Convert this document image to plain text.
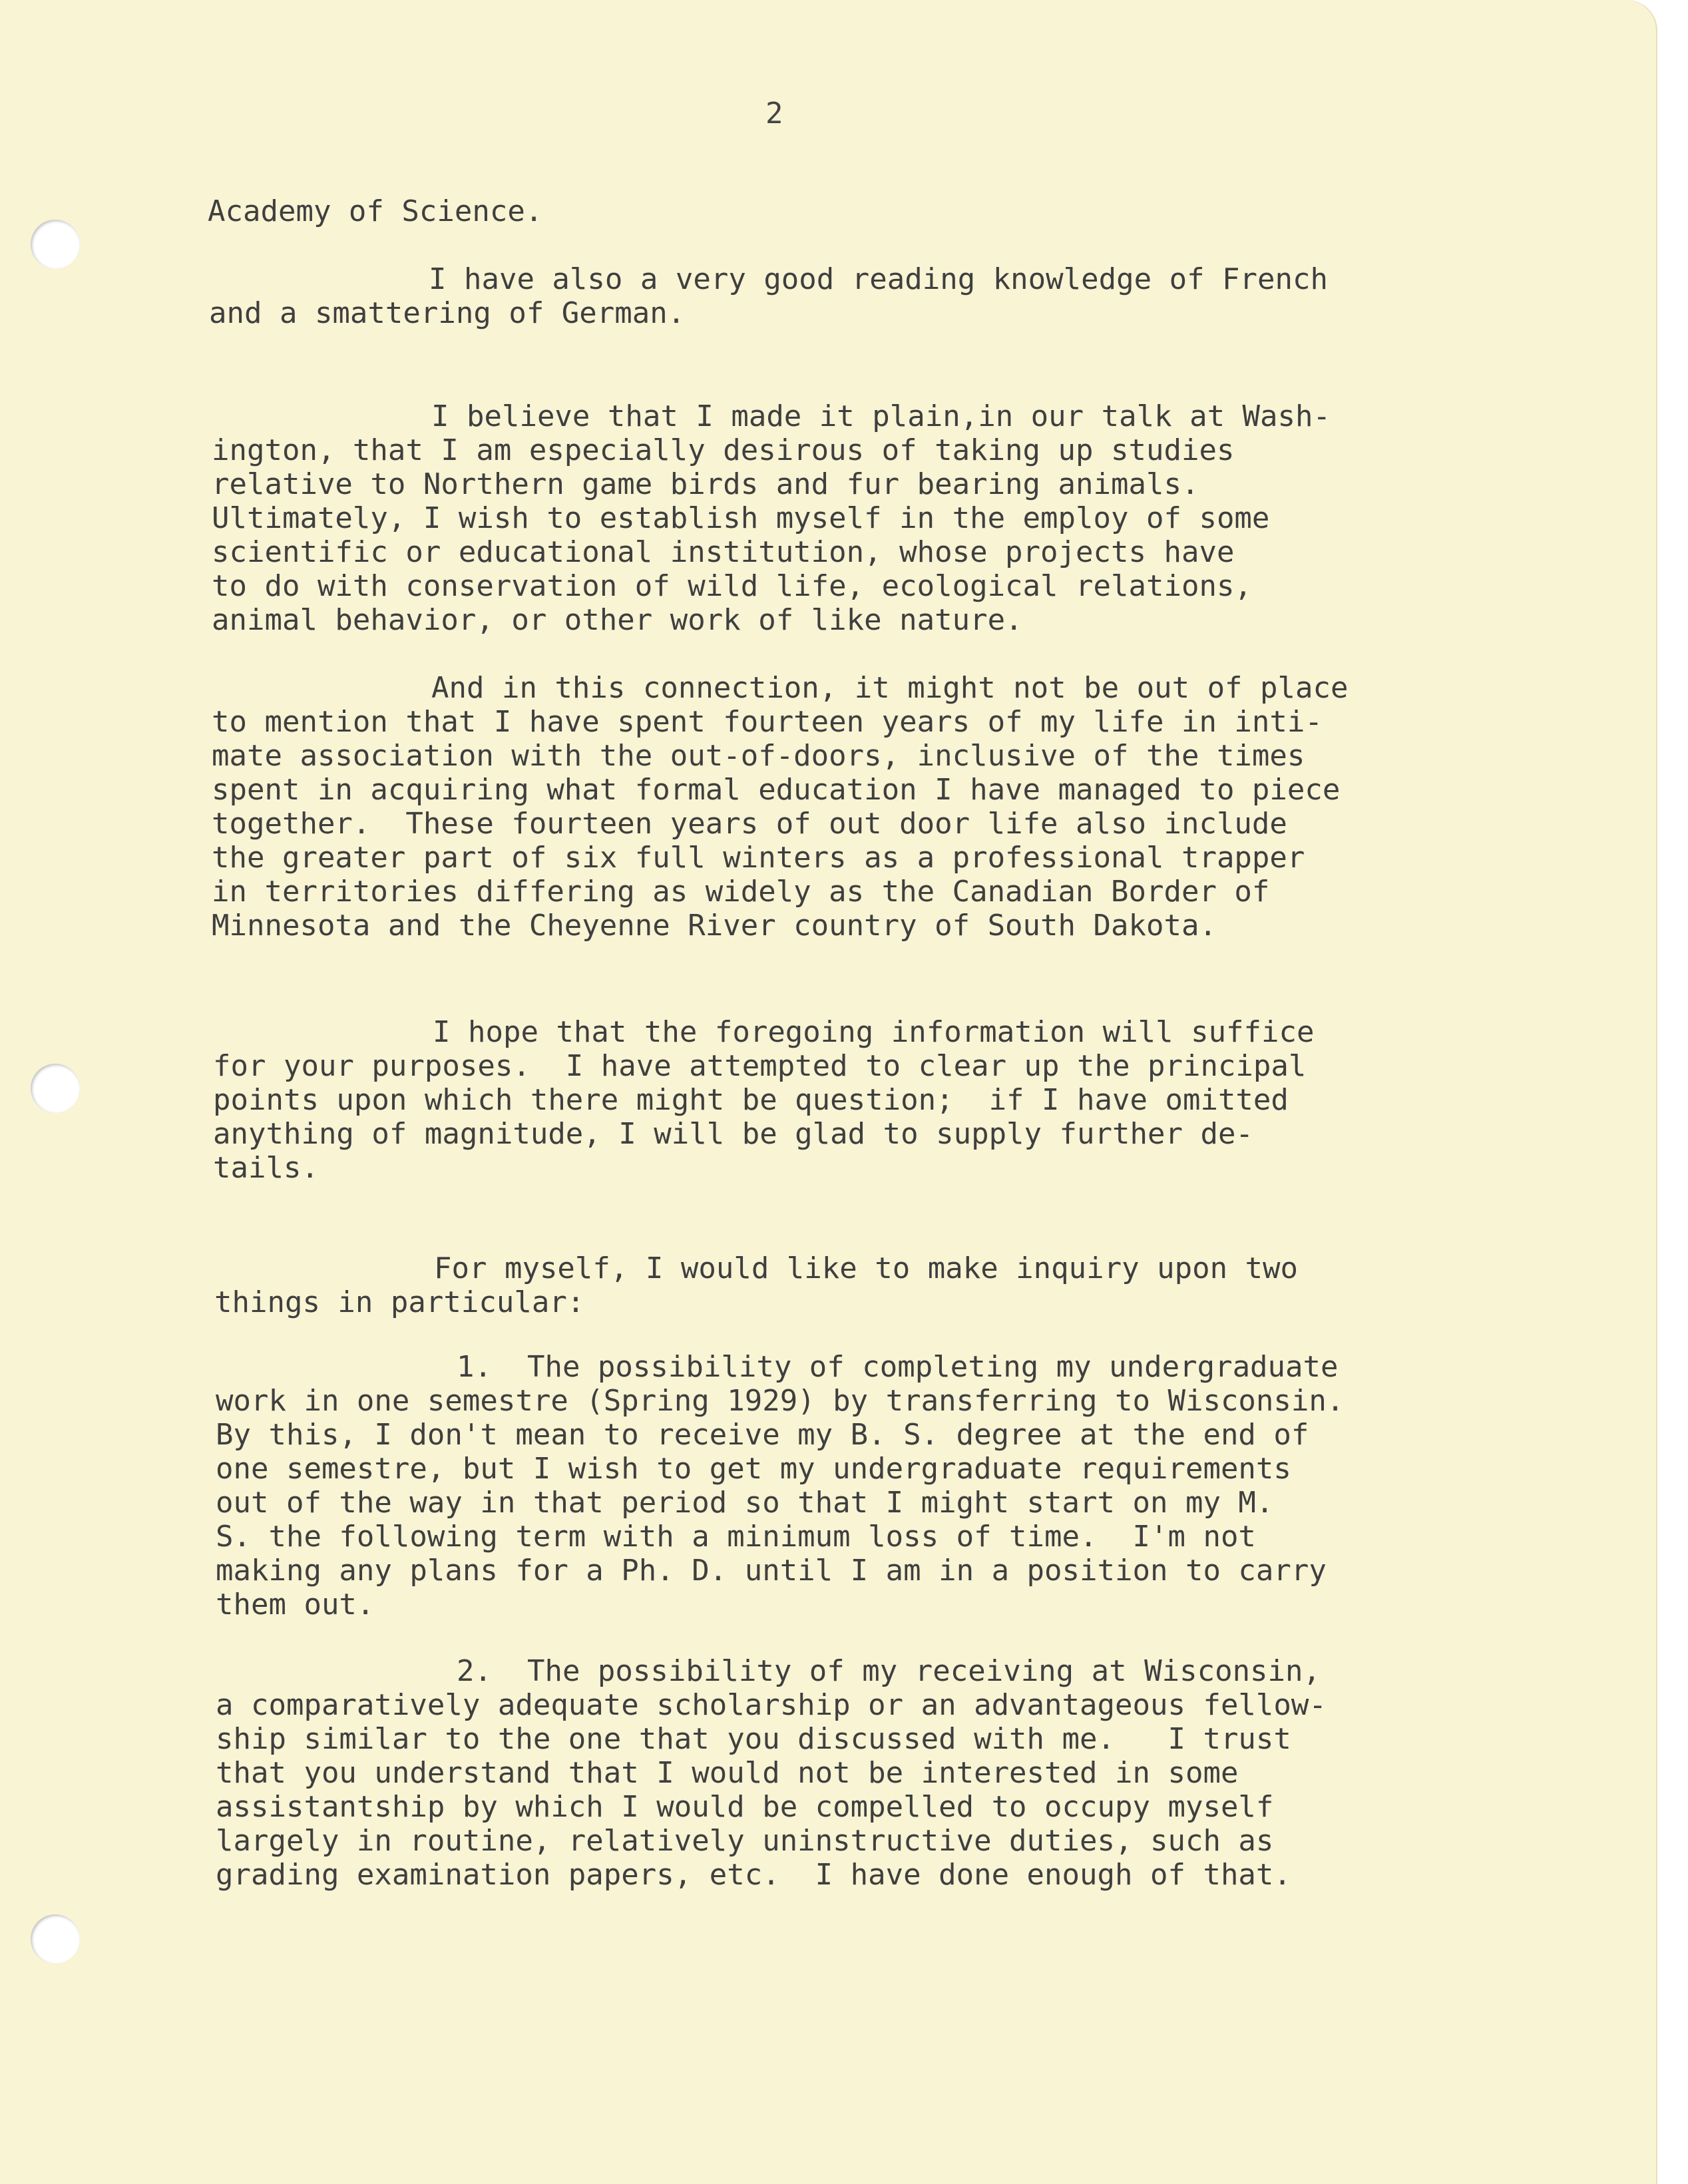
2
Academy of Science.
I have also a very good reading knowledge of French
and a smattering of German.
I believe that I made it plain,in our talk at Wash-
ington, that I am especially desirous of taking up studies
relative to Northern game birds and fur bearing animals.
Ultimately, I wish to establish myself in the employ of some
scientific or educational institution, whose projects have
to do with conservation of wild life, ecological relations,
animal behavior, or other work of like nature.
And in this connection, it might not be out of place
to mention that I have spent fourteen years of my life in inti-
mate association with the out-of-doors, inclusive of the times
spent in acquiring what formal education I have managed to piece
together.  These fourteen years of out door life also include
the greater part of six full winters as a professional trapper
in territories differing as widely as the Canadian Border of
Minnesota and the Cheyenne River country of South Dakota.
I hope that the foregoing information will suffice
for your purposes.  I have attempted to clear up the principal
points upon which there might be question;  if I have omitted
anything of magnitude, I will be glad to supply further de-
tails.
For myself, I would like to make inquiry upon two
things in particular:
1.  The possibility of completing my undergraduate
work in one semestre (Spring 1929) by transferring to Wisconsin.
By this, I don't mean to receive my B. S. degree at the end of
one semestre, but I wish to get my undergraduate requirements
out of the way in that period so that I might start on my M.
S. the following term with a minimum loss of time.  I'm not
making any plans for a Ph. D. until I am in a position to carry
them out.
2.  The possibility of my receiving at Wisconsin,
a comparatively adequate scholarship or an advantageous fellow-
ship similar to the one that you discussed with me.   I trust
that you understand that I would not be interested in some
assistantship by which I would be compelled to occupy myself
largely in routine, relatively uninstructive duties, such as
grading examination papers, etc.  I have done enough of that.
